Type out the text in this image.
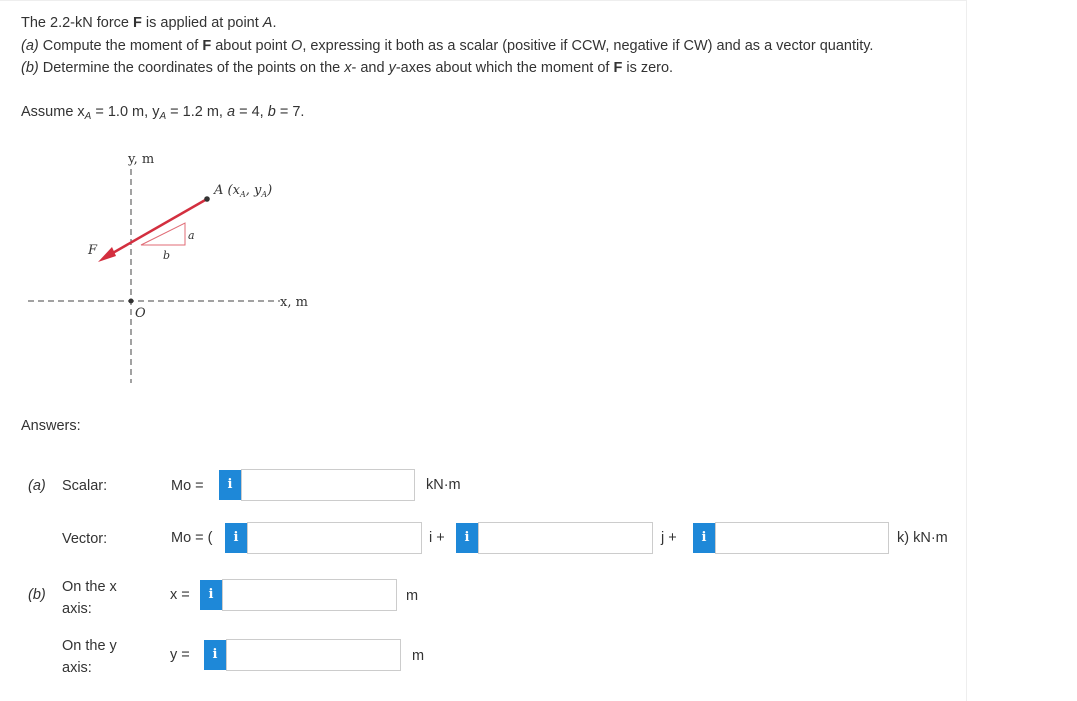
The 2.2-kN force F is applied at point A.
(a) Compute the moment of F about point O, expressing it both as a scalar (positive if CCW, negative if CW) and as a vector quantity.
(b) Determine the coordinates of the points on the x- and y-axes about which the moment of F is zero.
Assume $x_A = 1.0$ m, $y_A = 1.2$ m, a = 4, b = 7.
y, m
x, m
O
a
b
F
A ($x_A$, $y_A$)
Answers:
(a) Scalar:	Mo =	i	kN·m
Vector:	Mo = (	i	i +	i	j +	i	k) kN·m
(b) On the x axis:
x =	i	m
On the y axis:
y =	i	m
